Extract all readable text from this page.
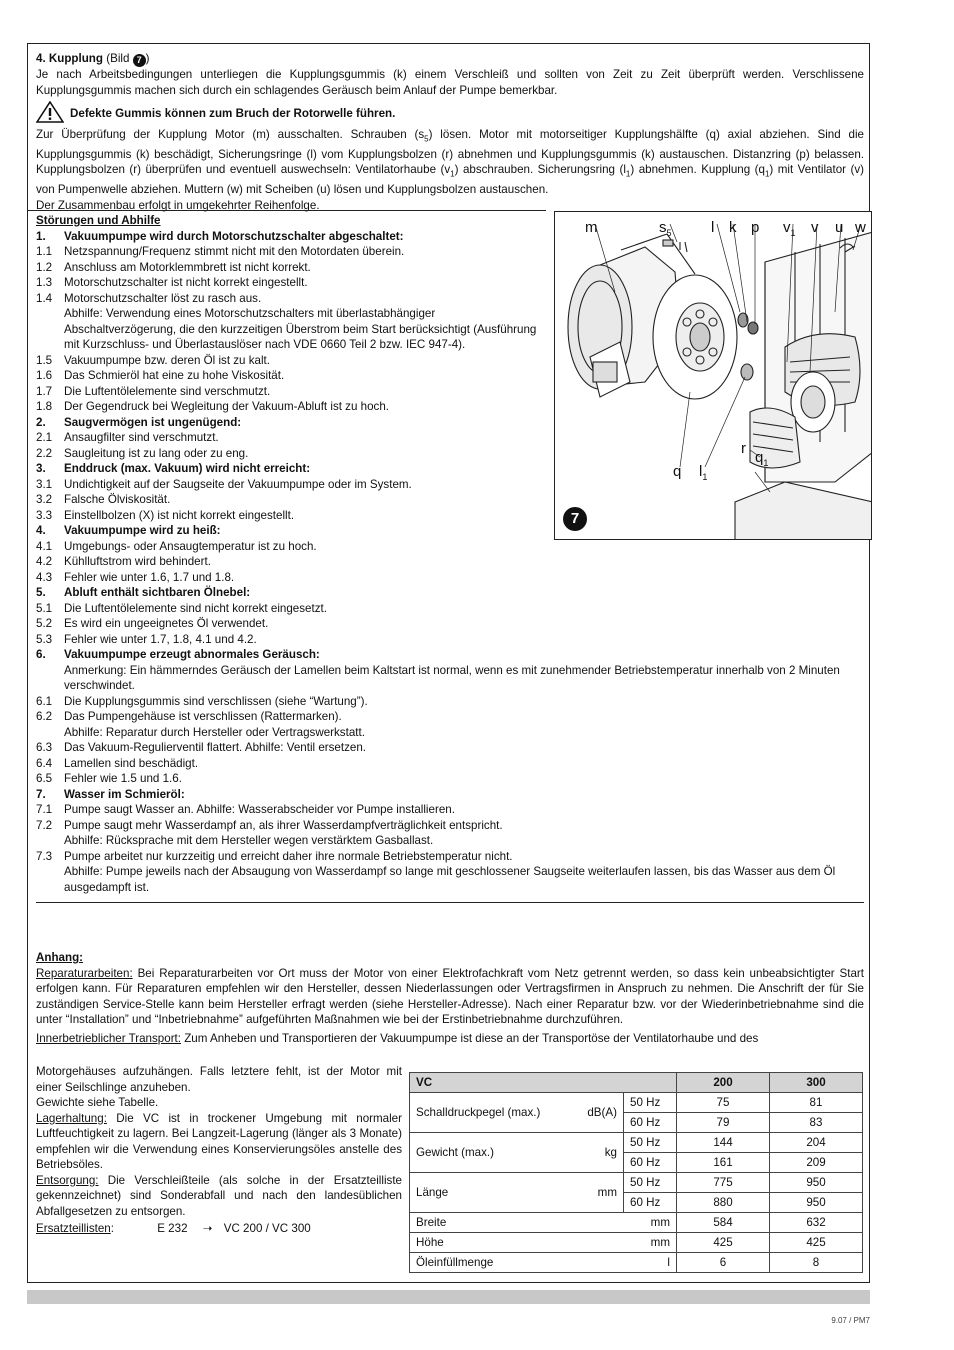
4. Kupplung (Bild 7 )
Je nach Arbeitsbedingungen unterliegen die Kupplungsgummis (k) einem Verschleiß und sollten von Zeit zu Zeit überprüft werden. Verschlissene Kupplungsgummis machen sich durch ein schlagendes Geräusch beim Anlauf der Pumpe bemerkbar.
Defekte Gummis können zum Bruch der Rotorwelle führen.
Zur Überprüfung der Kupplung Motor (m) ausschalten. Schrauben $(s_5)$ lösen. Motor mit motorseitiger Kupplungshälfte (q) axial abziehen. Sind die Kupplungsgummis (k) beschädigt, Sicherungsringe (l) vom Kupplungsbolzen (r) abnehmen und Kupplungsgummis (k) austauschen. Distanzring (p) belassen. Kupplungsbolzen (r) überprüfen und eventuell auswechseln: Ventilatorhaube $(v_1)$ abschrauben. Sicherungsring $(l_1)$ abnehmen. Kupplung $(q_1)$ mit Ventilator (v) von Pumpenwelle abziehen. Muttern (w) mit Scheiben (u) lösen und Kupplungsbolzen austauschen.
Der Zusammenbau erfolgt in umgekehrter Reihenfolge.
Störungen und Abhilfe
1.	Vakuumpumpe wird durch Motorschutzschalter abgeschaltet:
1.1	Netzspannung/Frequenz stimmt nicht mit den Motordaten überein.
1.2	Anschluss am Motorklemmbrett ist nicht korrekt.
1.3	Motorschutzschalter ist nicht korrekt eingestellt.
1.4	Motorschutzschalter löst zu rasch aus.
Abhilfe: Verwendung eines Motorschutzschalters mit überlastabhängiger Abschaltverzögerung, die den kurzzeitigen Überstrom beim Start berücksichtigt (Ausführung mit Kurzschluss- und Überlastauslöser nach VDE 0660 Teil 2 bzw. IEC 947-4).
1.5	Vakuumpumpe bzw. deren Öl ist zu kalt.
1.6	Das Schmieröl hat eine zu hohe Viskosität.
1.7	Die Luftentölelemente sind verschmutzt.
1.8	Der Gegendruck bei Wegleitung der Vakuum-Abluft ist zu hoch.
2.	Saugvermögen ist ungenügend:
2.1	Ansaugfilter sind verschmutzt.
2.2	Saugleitung ist zu lang oder zu eng.
3.	Enddruck (max. Vakuum) wird nicht erreicht:
3.1	Undichtigkeit auf der Saugseite der Vakuumpumpe oder im System.
3.2	Falsche Ölviskosität.
3.3	Einstellbolzen (X) ist nicht korrekt eingestellt.
4.	Vakuumpumpe wird zu heiß:
4.1	Umgebungs- oder Ansaugtemperatur ist zu hoch.
4.2	Kühlluftstrom wird behindert.
4.3	Fehler wie unter 1.6, 1.7 und 1.8.
5.	Abluft enthält sichtbaren Ölnebel:
5.1	Die Luftentölelemente sind nicht korrekt eingesetzt.
5.2	Es wird ein ungeeignetes Öl verwendet.
5.3	Fehler wie unter 1.7, 1.8, 4.1 und 4.2.
6.	Vakuumpumpe erzeugt abnormales Geräusch:
Anmerkung: Ein hämmerndes Geräusch der Lamellen beim Kaltstart ist normal, wenn es mit zunehmender Betriebstemperatur innerhalb von 2 Minuten verschwindet.
6.1	Die Kupplungsgummis sind verschlissen (siehe “Wartung”).
6.2	Das Pumpengehäuse ist verschlissen (Rattermarken).
Abhilfe: Reparatur durch Hersteller oder Vertragswerkstatt.
6.3	Das Vakuum-Regulierventil flattert. Abhilfe: Ventil ersetzen.
6.4	Lamellen sind beschädigt.
6.5	Fehler wie 1.5 und 1.6.
7.	Wasser im Schmieröl:
7.1	Pumpe saugt Wasser an. Abhilfe: Wasserabscheider vor Pumpe installieren.
7.2	Pumpe saugt mehr Wasserdampf an, als ihrer Wasserdampfverträglichkeit entspricht.
Abhilfe: Rücksprache mit dem Hersteller wegen verstärktem Gasballast.
7.3	Pumpe arbeitet nur kurzzeitig und erreicht daher ihre normale Betriebstemperatur nicht.
Abhilfe: Pumpe jeweils nach der Absaugung von Wasserdampf so lange mit geschlossener Saugseite weiterlaufen lassen, bis das Wasser aus dem Öl ausgedampft ist.
m	$s_5$	l k p $v_1$ v u w
r
$q_1$
q $l_1$
7
Anhang:
Reparaturarbeiten: Bei Reparaturarbeiten vor Ort muss der Motor von einer Elektrofachkraft vom Netz getrennt werden, so dass kein unbeabsichtigter Start erfolgen kann. Für Reparaturen empfehlen wir den Hersteller, dessen Niederlassungen oder Vertragsfirmen in Anspruch zu nehmen. Die Anschrift der für Sie zuständigen Service-Stelle kann beim Hersteller erfragt werden (siehe Hersteller-Adresse). Nach einer Reparatur bzw. vor der Wiederinbetriebnahme sind die unter “Installation” und “Inbetriebnahme” aufgeführten Maßnahmen wie bei der Erstinbetriebnahme durchzuführen.
Innerbetrieblicher Transport: Zum Anheben und Transportieren der Vakuumpumpe ist diese an der Transportöse der Ventilatorhaube und des
Motorgehäuses aufzuhängen. Falls letztere fehlt, ist der Motor mit einer Seilschlinge anzuheben.
Gewichte siehe Tabelle.
Lagerhaltung: Die VC ist in trockener Umgebung mit normaler Luftfeuchtigkeit zu lagern. Bei Langzeit-Lagerung (länger als 3 Monate) empfehlen wir die Verwendung eines Konservierungsöles anstelle des Betriebsöles.
Entsorgung: Die Verschleißteile (als solche in der Ersatzteilliste gekennzeichnet) sind Sonderabfall und nach den landesüblichen Abfallgesetzen zu entsorgen.
Ersatzteillisten:	E 232 ➝ VC 200 / VC 300
VC			200	300
Schalldruckpegel (max.)	dB(A)	50 Hz	75	81
		60 Hz	79	83
Gewicht (max.)	kg	50 Hz	144	204
		60 Hz	161	209
Länge	mm	50 Hz	775	950
		60 Hz	880	950
Breite	mm		584	632
Höhe	mm		425	425
Öleinfüllmenge	l		6	8
9.07 / PM7
